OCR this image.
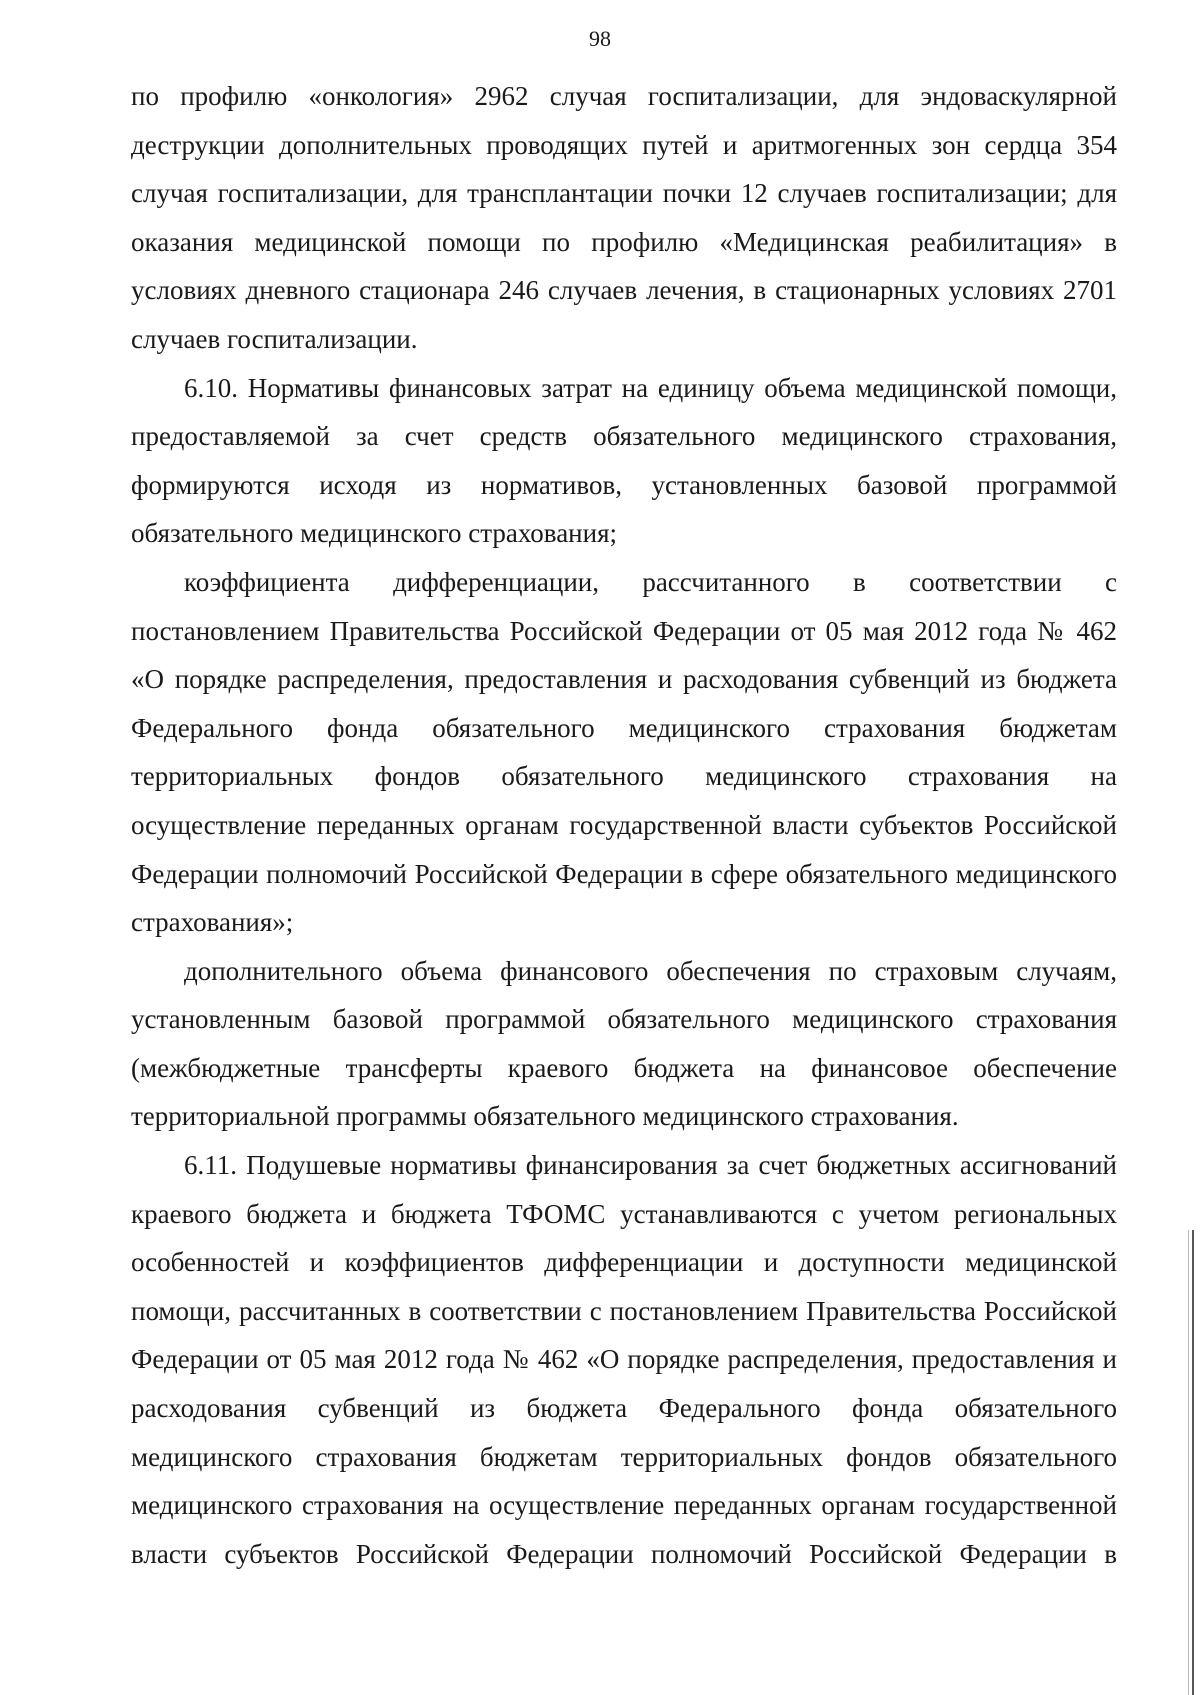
98

по профилю «онкология» 2962 случая госпитализации, для эндоваскулярной деструкции дополнительных проводящих путей и аритмогенных зон сердца 354 случая госпитализации, для трансплантации почки 12 случаев госпитализации; для оказания медицинской помощи по профилю «Медицинская реабилитация» в условиях дневного стационара 246 случаев лечения, в стационарных условиях 2701 случаев госпитализации.

6.10. Нормативы финансовых затрат на единицу объема медицинской помощи, предоставляемой за счет средств обязательного медицинского страхования, формируются исходя из нормативов, установленных базовой программой обязательного медицинского страхования;

коэффициента дифференциации, рассчитанного в соответствии с постановлением Правительства Российской Федерации от 05 мая 2012 года № 462 «О порядке распределения, предоставления и расходования субвенций из бюджета Федерального фонда обязательного медицинского страхования бюджетам территориальных фондов обязательного медицинского страхования на осуществление переданных органам государственной власти субъектов Российской Федерации полномочий Российской Федерации в сфере обязательного медицинского страхования»;

дополнительного объема финансового обеспечения по страховым случаям, установленным базовой программой обязательного медицинского страхования (межбюджетные трансферты краевого бюджета на финансовое обеспечение территориальной программы обязательного медицинского страхования.

6.11. Подушевые нормативы финансирования за счет бюджетных ассигнований краевого бюджета и бюджета ТФОМС устанавливаются с учетом региональных особенностей и коэффициентов дифференциации и доступности медицинской помощи, рассчитанных в соответствии с постановлением Правительства Российской Федерации от 05 мая 2012 года № 462 «О порядке распределения, предоставления и расходования субвенций из бюджета Федерального фонда обязательного медицинского страхования бюджетам территориальных фондов обязательного медицинского страхования на осуществление переданных органам государственной власти субъектов Российской Федерации полномочий Российской Федерации в
